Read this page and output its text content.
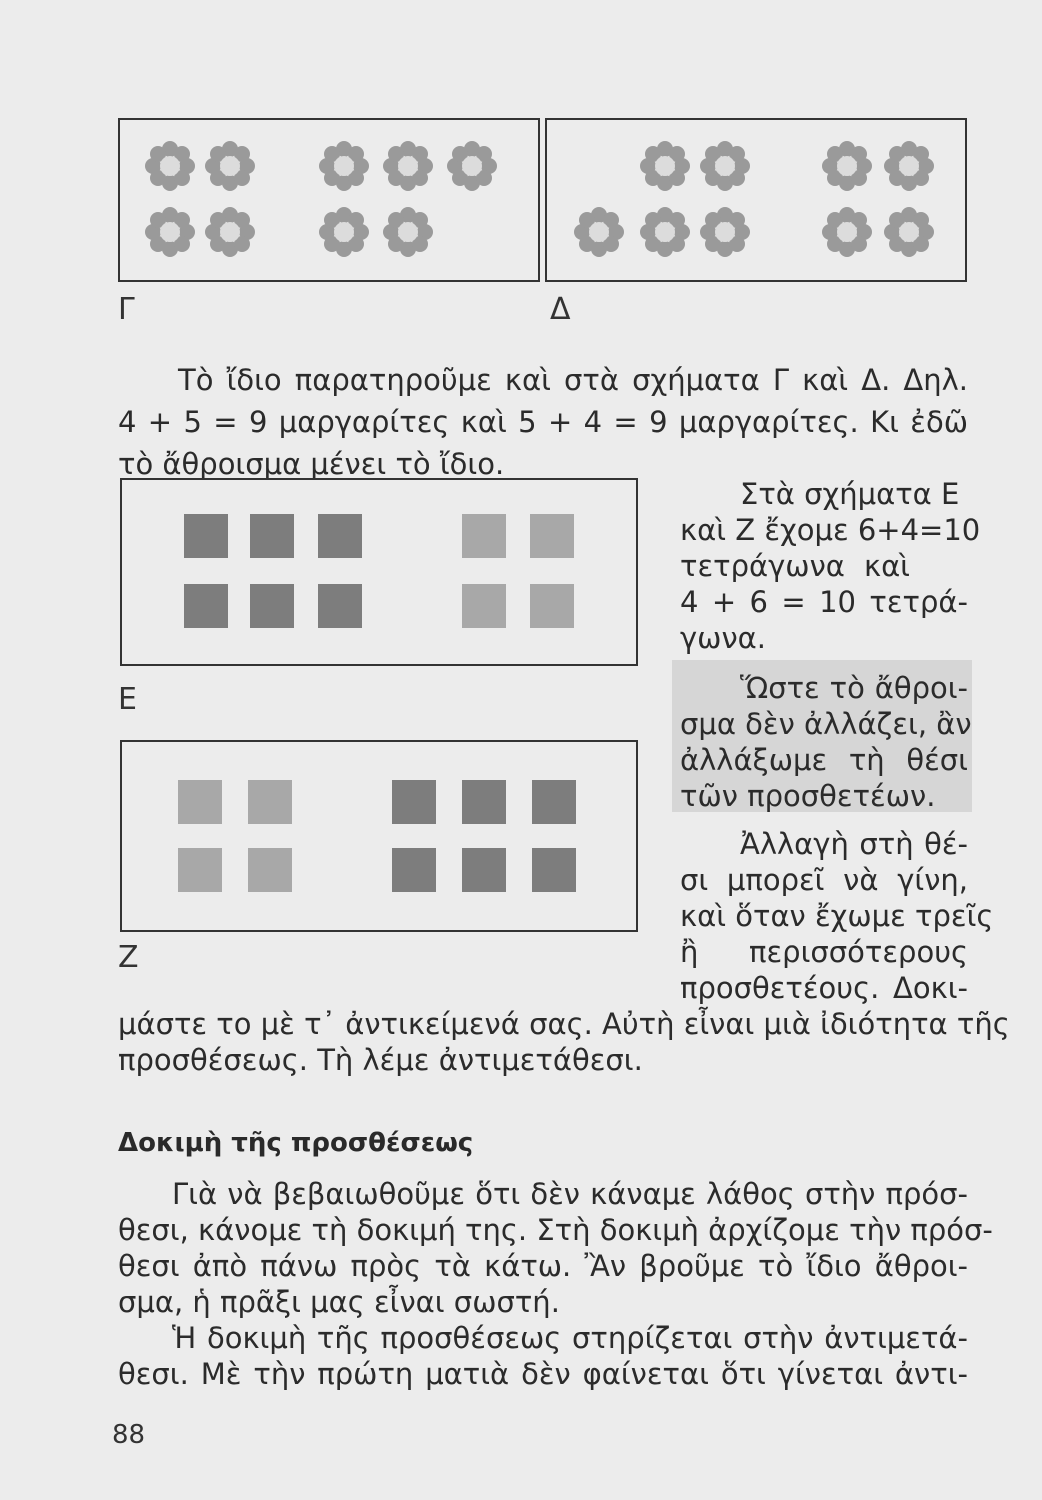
Γ	Δ
Τὸ ἴδιο παρατηροῦμε καὶ στὰ σχήματα Γ καὶ Δ. Δηλ.
4 + 5 = 9 μαργαρίτες καὶ 5 + 4 = 9 μαργαρίτες. Κι ἐδῶ
τὸ ἄθροισμα μένει τὸ ἴδιο.
Ε
Ζ
Στὰ σχήματα Ε
καὶ Ζ ἔχομε 6+4=10
τετράγωνα καὶ
4 + 6 = 10 τετρά-
γωνα.
Ὥστε τὸ ἄθροι-
σμα δὲν ἀλλάζει, ἂν
ἀλλάξωμε τὴ θέσι
τῶν προσθετέων.
Ἀλλαγὴ στὴ θέ-
σι μπορεῖ νὰ γίνη,
καὶ ὅταν ἔχωμε τρεῖς
ἢ περισσότερους
προσθετέους. Δοκι-
μάστε το μὲ τ᾽ ἀντικείμενά σας. Αὐτὴ εἶναι μιὰ ἰδιότητα τῆς
προσθέσεως. Τὴ λέμε ἀντιμετάθεσι.
Δοκιμὴ τῆς προσθέσεως
Γιὰ νὰ βεβαιωθοῦμε ὅτι δὲν κάναμε λάθος στὴν πρόσ-
θεσι, κάνομε τὴ δοκιμή της. Στὴ δοκιμὴ ἀρχίζομε τὴν πρόσ-
θεσι ἀπὸ πάνω πρὸς τὰ κάτω. Ἂν βροῦμε τὸ ἴδιο ἄθροι-
σμα, ἡ πρᾶξι μας εἶναι σωστή.
Ἡ δοκιμὴ τῆς προσθέσεως στηρίζεται στὴν ἀντιμετά-
θεσι. Μὲ τὴν πρώτη ματιὰ δὲν φαίνεται ὅτι γίνεται ἀντι-
88
